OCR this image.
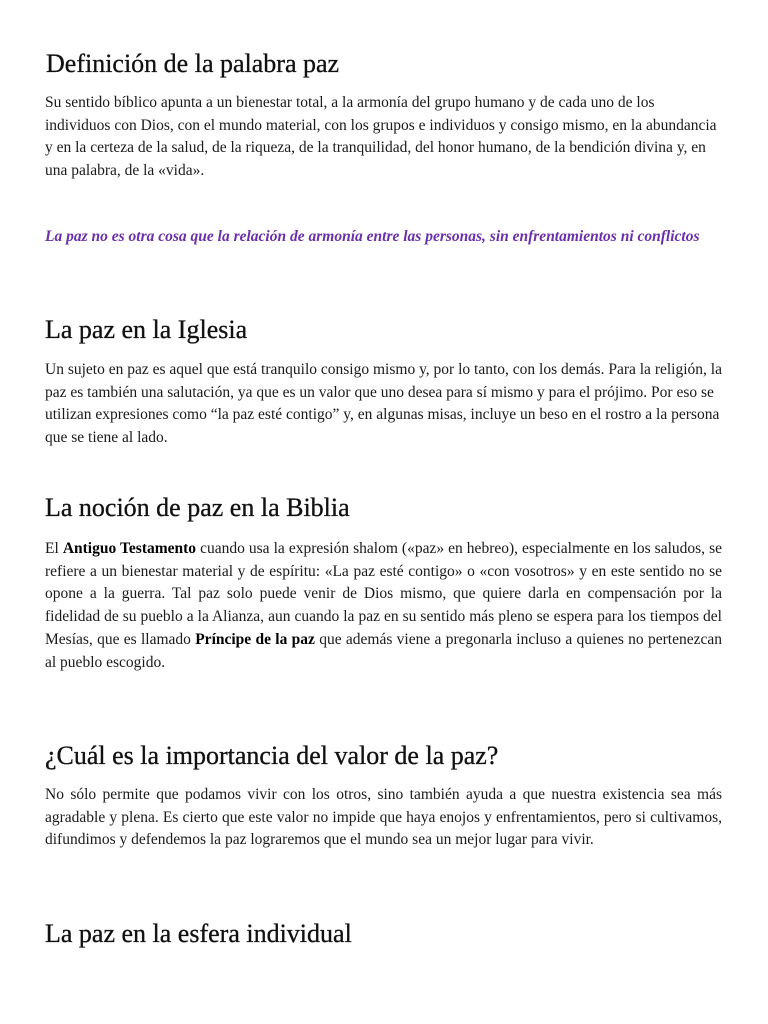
Definición de la palabra paz

Su sentido bíblico apunta a un bienestar total, a la armonía del grupo humano y de cada uno de los individuos con Dios, con el mundo material, con los grupos e individuos y consigo mismo, en la abundancia y en la certeza de la salud, de la riqueza, de la tranquilidad, del honor humano, de la bendición divina y, en una palabra, de la «vida».

La paz no es otra cosa que la relación de armonía entre las personas, sin enfrentamientos ni conflictos

La paz en la Iglesia

Un sujeto en paz es aquel que está tranquilo consigo mismo y, por lo tanto, con los demás. Para la religión, la paz es también una salutación, ya que es un valor que uno desea para sí mismo y para el prójimo. Por eso se utilizan expresiones como “la paz esté contigo” y, en algunas misas, incluye un beso en el rostro a la persona que se tiene al lado.

La noción de paz en la Biblia

El Antiguo Testamento cuando usa la expresión shalom («paz» en hebreo), especialmente en los saludos, se refiere a un bienestar material y de espíritu: «La paz esté contigo» o «con vosotros» y en este sentido no se opone a la guerra. Tal paz solo puede venir de Dios mismo, que quiere darla en compensación por la fidelidad de su pueblo a la Alianza, aun cuando la paz en su sentido más pleno se espera para los tiempos del Mesías, que es llamado Príncipe de la paz que además viene a pregonarla incluso a quienes no pertenezcan al pueblo escogido.

¿Cuál es la importancia del valor de la paz?

No sólo permite que podamos vivir con los otros, sino también ayuda a que nuestra existencia sea más agradable y plena. Es cierto que este valor no impide que haya enojos y enfrentamientos, pero si cultivamos, difundimos y defendemos la paz lograremos que el mundo sea un mejor lugar para vivir.

La paz en la esfera individual
